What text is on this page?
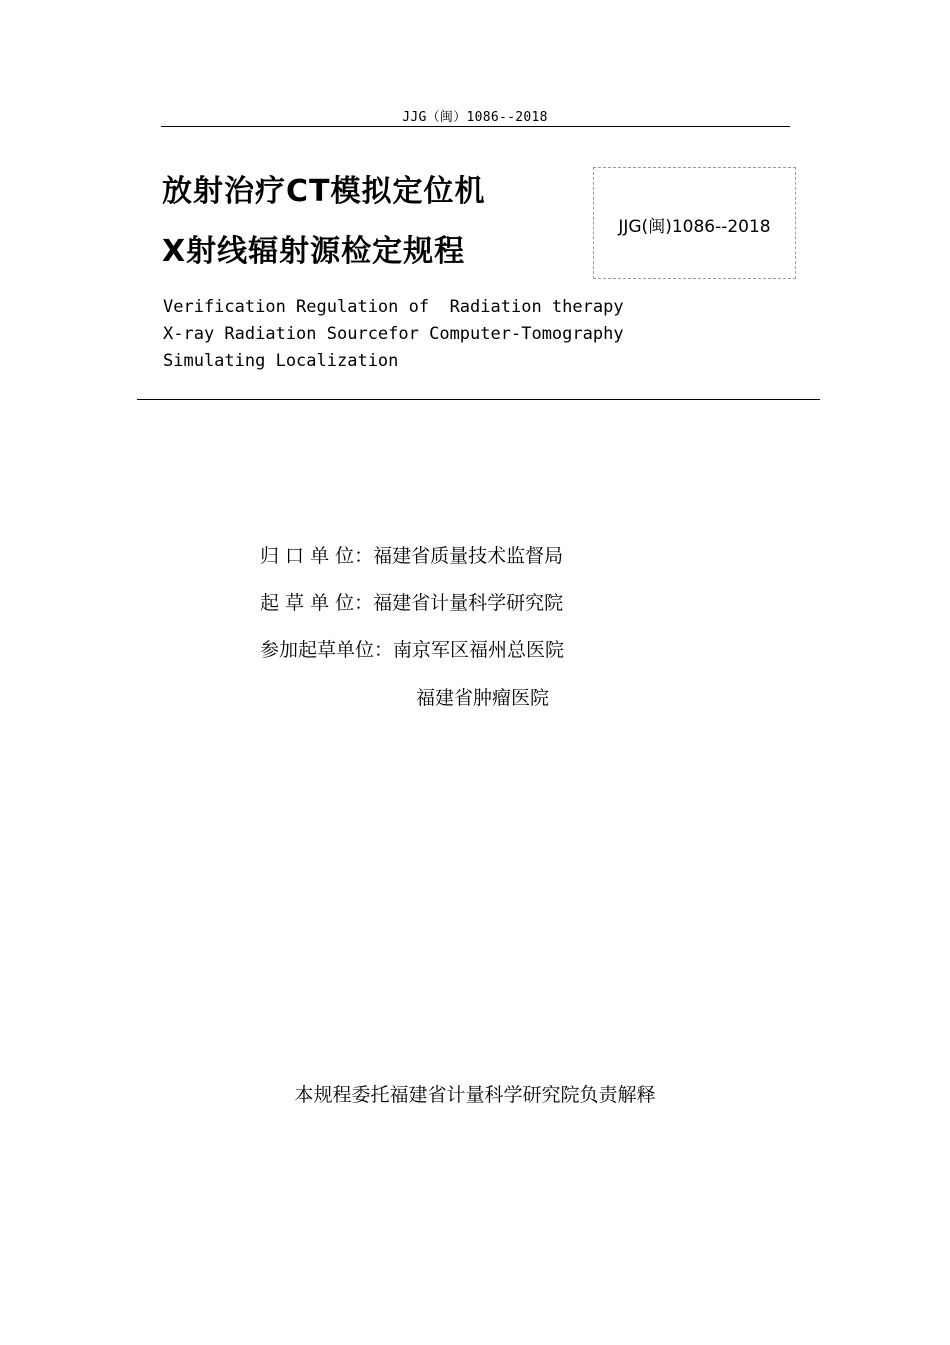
JJG（闽）1086--2018
放射治疗CT模拟定位机
X射线辐射源检定规程
JJG(闽)1086--2018
Verification Regulation of  Radiation therapy
X-ray Radiation Sourcefor Computer-Tomography
Simulating Localization
归 口 单 位：福建省质量技术监督局
起 草 单 位：福建省计量科学研究院
参加起草单位：南京军区福州总医院
福建省肿瘤医院
本规程委托福建省计量科学研究院负责解释
